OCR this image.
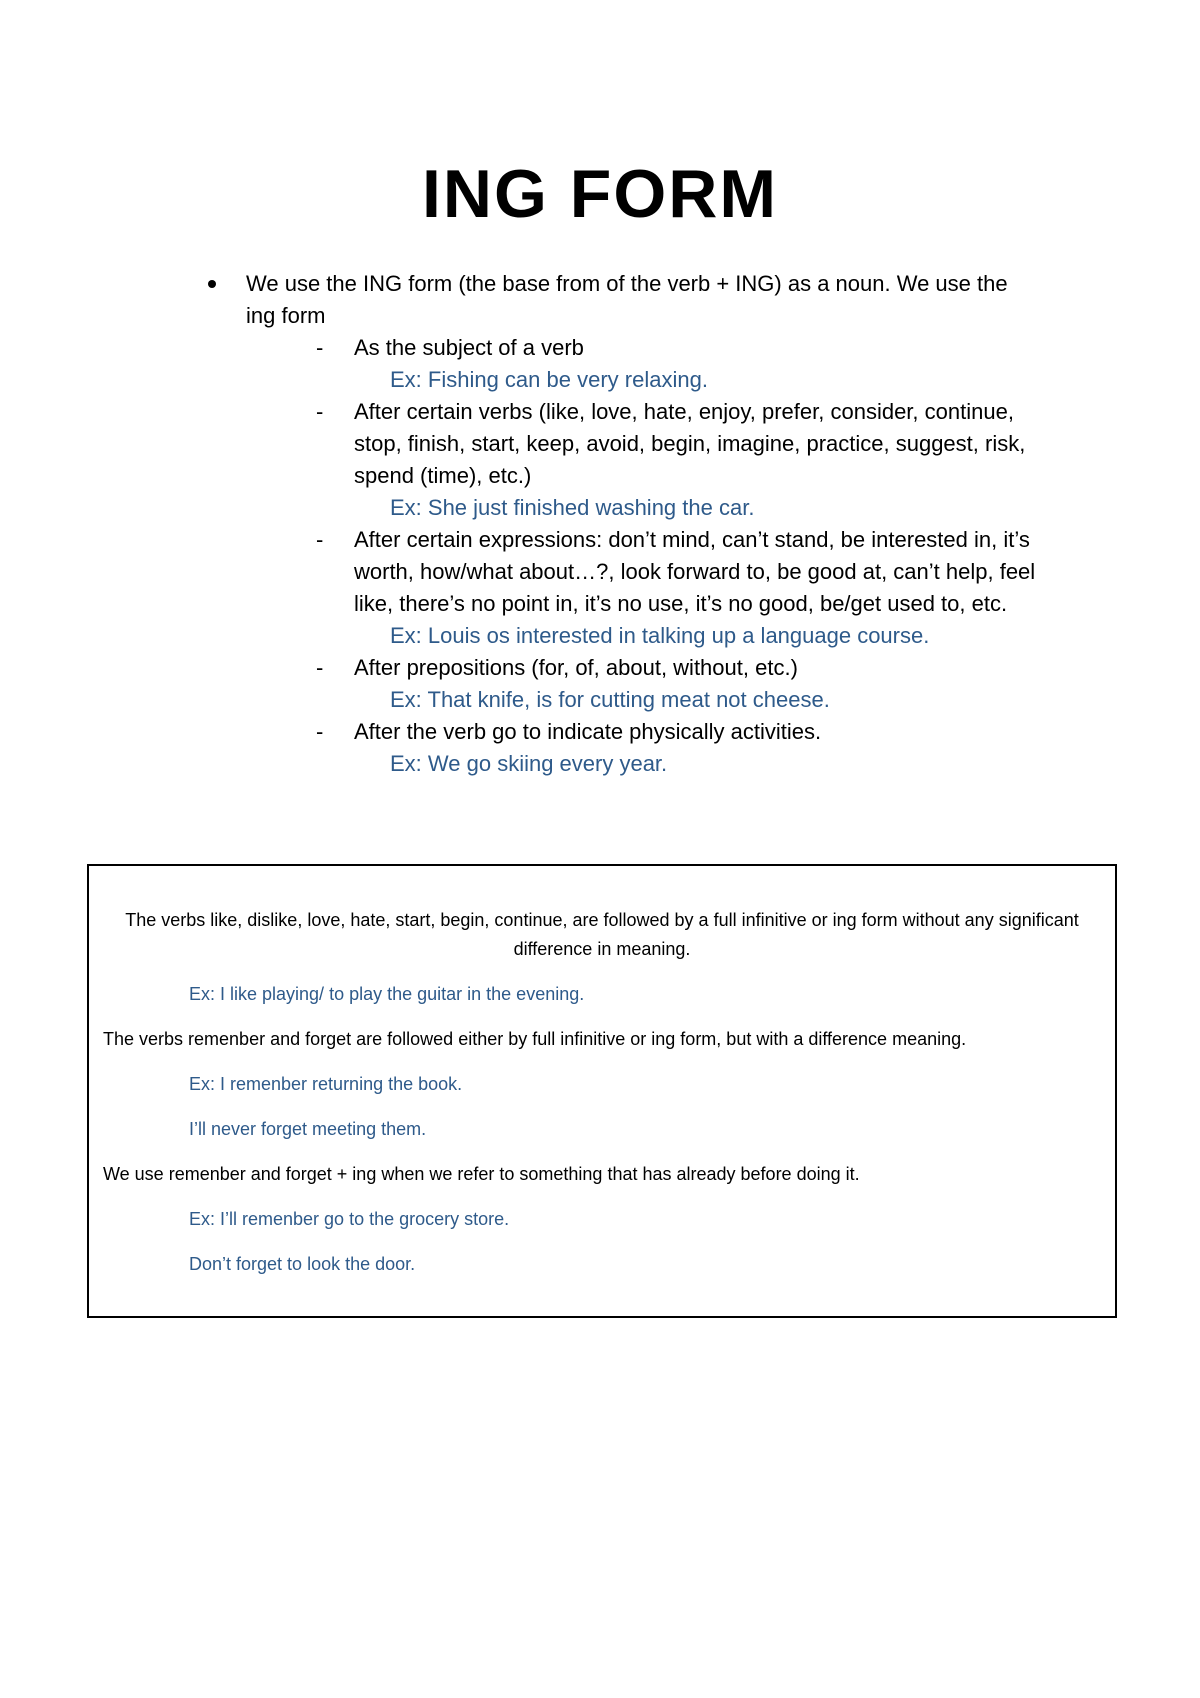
ING FORM
We use the ING form (the base from of the verb + ING) as a noun. We use the ing form
- As the subject of a verb
Ex: Fishing can be very relaxing.
- After certain verbs (like, love, hate, enjoy, prefer, consider, continue, stop, finish, start, keep, avoid, begin, imagine, practice, suggest, risk, spend (time), etc.)
Ex: She just finished washing the car.
- After certain expressions: don’t mind, can’t stand, be interested in, it’s worth, how/what about…?, look forward to, be good at, can’t help, feel like, there’s no point in, it’s no use, it’s no good, be/get used to, etc.
Ex: Louis os interested in talking up a language course.
- After prepositions (for, of, about, without, etc.)
Ex: That knife, is for cutting meat not cheese.
- After the verb go to indicate physically activities.
Ex: We go skiing every year.

The verbs like, dislike, love, hate, start, begin, continue, are followed by a full infinitive or ing form without any significant difference in meaning.

Ex: I like playing/ to play the guitar in the evening.

The verbs remenber and forget are followed either by full infinitive or ing form, but with a difference meaning.

Ex: I remenber returning the book.

I’ll never forget meeting them.

We use remenber and forget + ing when we refer to something that has already before doing it.

Ex: I’ll remenber go to the grocery store.

Don’t forget to look the door.
